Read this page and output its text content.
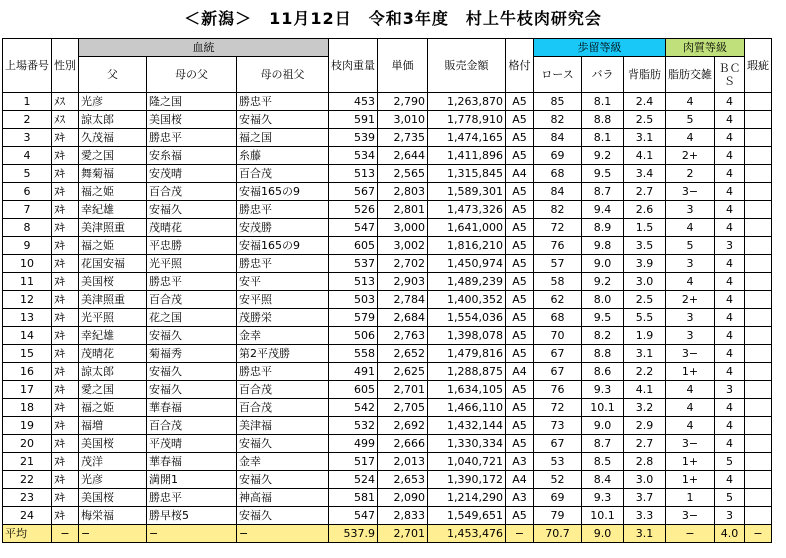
＜新潟＞　11月12日　令和3年度　村上牛枝肉研究会
上場番号	性別	血統			枝肉重量	単価	販売金額	格付	歩留等級			肉質等級		瑕疵
		父	母の父	母の祖父					ロース	バラ	背脂肪	脂肪交雑	ＢＣＳ	
1	ﾒｽ	光彦	隆之国	勝忠平	453	2,790	1,263,870	A5	85	8.1	2.4	4	4	
2	ﾒｽ	諒太郎	美国桜	安福久	591	3,010	1,778,910	A5	82	8.8	2.5	5	4	
3	ﾇｷ	久茂福	勝忠平	福之国	539	2,735	1,474,165	A5	84	8.1	3.1	4	4	
4	ﾇｷ	愛之国	安糸福	糸藤	534	2,644	1,411,896	A5	69	9.2	4.1	2+	4	
5	ﾇｷ	舞菊福	安茂晴	百合茂	513	2,565	1,315,845	A4	68	9.5	3.4	2	4	
6	ﾇｷ	福之姫	百合茂	安福165の9	567	2,803	1,589,301	A5	84	8.7	2.7	3−	4	
7	ﾇｷ	幸紀雄	安福久	勝忠平	526	2,801	1,473,326	A5	82	9.4	2.6	3	4	
8	ﾇｷ	美津照重	茂晴花	安茂勝	547	3,000	1,641,000	A5	72	8.9	1.5	4	4	
9	ﾇｷ	福之姫	平忠勝	安福165の9	605	3,002	1,816,210	A5	76	9.8	3.5	5	3	
10	ﾇｷ	花国安福	光平照	勝忠平	537	2,702	1,450,974	A5	57	9.0	3.9	3	4	
11	ﾇｷ	美国桜	勝忠平	安平	513	2,903	1,489,239	A5	58	9.2	3.0	4	4	
12	ﾇｷ	美津照重	百合茂	安平照	503	2,784	1,400,352	A5	62	8.0	2.5	2+	4	
13	ﾇｷ	光平照	花之国	茂勝栄	579	2,684	1,554,036	A5	68	9.5	5.5	3	4	
14	ﾇｷ	幸紀雄	安福久	金幸	506	2,763	1,398,078	A5	70	8.2	1.9	3	4	
15	ﾇｷ	茂晴花	菊福秀	第2平茂勝	558	2,652	1,479,816	A5	67	8.8	3.1	3−	4	
16	ﾇｷ	諒太郎	安福久	勝忠平	491	2,625	1,288,875	A4	67	8.6	2.2	1+	4	
17	ﾇｷ	愛之国	安福久	百合茂	605	2,701	1,634,105	A5	76	9.3	4.1	4	3	
18	ﾇｷ	福之姫	華春福	百合茂	542	2,705	1,466,110	A5	72	10.1	3.2	4	4	
19	ﾇｷ	福増	百合茂	美津福	532	2,692	1,432,144	A5	73	9.0	2.9	4	4	
20	ﾇｷ	美国桜	平茂晴	安福久	499	2,666	1,330,334	A5	67	8.7	2.7	3−	4	
21	ﾇｷ	茂洋	華春福	金幸	517	2,013	1,040,721	A3	53	8.5	2.8	1+	5	
22	ﾇｷ	光彦	満開1	安福久	524	2,653	1,390,172	A4	52	8.4	3.0	1+	4	
23	ﾇｷ	美国桜	勝忠平	神高福	581	2,090	1,214,290	A3	69	9.3	3.7	1	5	
24	ﾇｷ	梅栄福	勝早桜5	安福久	547	2,833	1,549,651	A5	79	10.1	3.3	3−	3	
平均	−	−	−	−	537.9	2,701	1,453,476	−	70.7	9.0	3.1	−	4.0	−
